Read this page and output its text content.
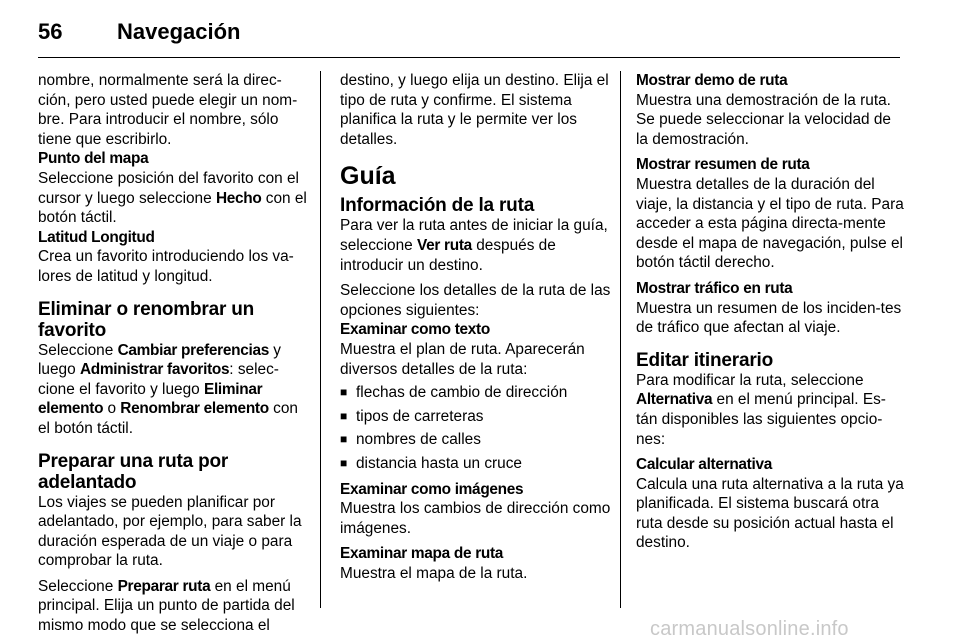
56 Navegación

nombre, normalmente será la direc-ción, pero usted puede elegir un nom-bre. Para introducir el nombre, sólo tiene que escribirlo.

Punto del mapa

Seleccione posición del favorito con el cursor y luego seleccione Hecho con el botón táctil.

Latitud Longitud

Crea un favorito introduciendo los va-lores de latitud y longitud.

Eliminar o renombrar un favorito

Seleccione Cambiar preferencias y luego Administrar favoritos: selec-cione el favorito y luego Eliminar elemento o Renombrar elemento con el botón táctil.

Preparar una ruta por adelantado

Los viajes se pueden planificar por adelantado, por ejemplo, para saber la duración esperada de un viaje o para comprobar la ruta.

Seleccione Preparar ruta en el menú principal. Elija un punto de partida del mismo modo que se selecciona el

destino, y luego elija un destino. Elija el tipo de ruta y confirme. El sistema planifica la ruta y le permite ver los detalles.

Guía
Información de la ruta

Para ver la ruta antes de iniciar la guía, seleccione Ver ruta después de introducir un destino.

Seleccione los detalles de la ruta de las opciones siguientes:

Examinar como texto

Muestra el plan de ruta. Aparecerán diversos detalles de la ruta:

■ flechas de cambio de dirección
■ tipos de carreteras
■ nombres de calles
■ distancia hasta un cruce

Examinar como imágenes

Muestra los cambios de dirección como imágenes.

Examinar mapa de ruta

Muestra el mapa de la ruta.

Mostrar demo de ruta

Muestra una demostración de la ruta. Se puede seleccionar la velocidad de la demostración.

Mostrar resumen de ruta

Muestra detalles de la duración del viaje, la distancia y el tipo de ruta. Para acceder a esta página directa-mente desde el mapa de navegación, pulse el botón táctil derecho.

Mostrar tráfico en ruta

Muestra un resumen de los inciden-tes de tráfico que afectan al viaje.

Editar itinerario

Para modificar la ruta, seleccione Alternativa en el menú principal. Es-tán disponibles las siguientes opcio-nes:

Calcular alternativa

Calcula una ruta alternativa a la ruta ya planificada. El sistema buscará otra ruta desde su posición actual hasta el destino.

carmanualsonline.info
